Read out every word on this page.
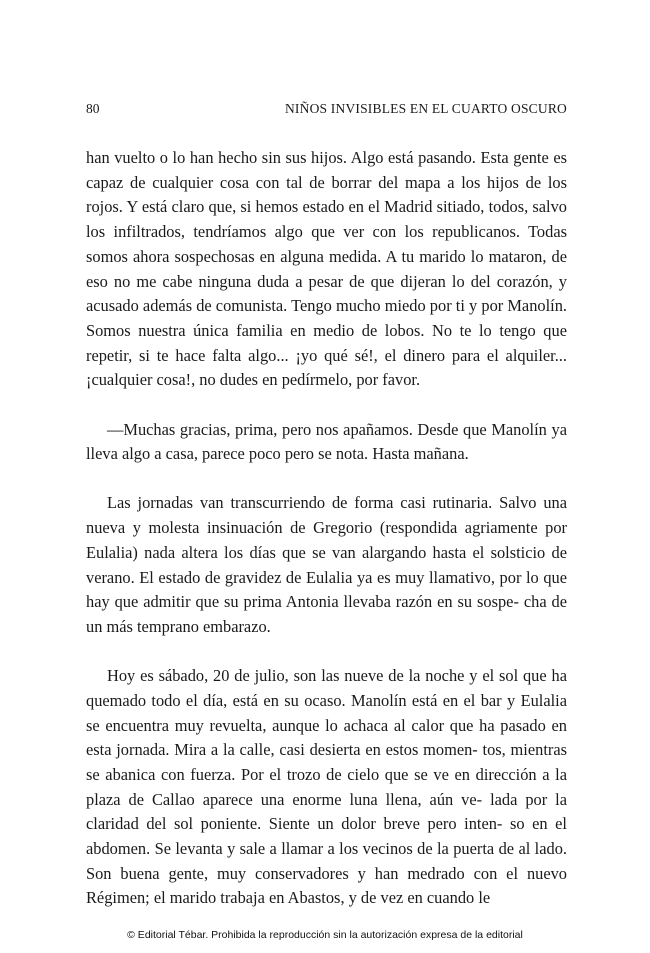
80	NIÑOS INVISIBLES EN EL CUARTO OSCURO

han vuelto o lo han hecho sin sus hijos. Algo está pasando. Esta gente es capaz de cualquier cosa con tal de borrar del mapa a los hijos de los rojos. Y está claro que, si hemos estado en el Madrid sitiado, todos, salvo los infiltrados, tendríamos algo que ver con los republicanos. Todas somos ahora sospechosas en alguna medida. A tu marido lo mataron, de eso no me cabe ninguna duda a pesar de que dijeran lo del corazón, y acusado además de comunista. Tengo mucho miedo por ti y por Manolín. Somos nuestra única familia en medio de lobos. No te lo tengo que repetir, si te hace falta algo... ¡yo qué sé!, el dinero para el alquiler... ¡cualquier cosa!, no dudes en pedírmelo, por favor.

—Muchas gracias, prima, pero nos apañamos. Desde que Manolín ya lleva algo a casa, parece poco pero se nota. Hasta mañana.

Las jornadas van transcurriendo de forma casi rutinaria. Salvo una nueva y molesta insinuación de Gregorio (respondida agriamente por Eulalia) nada altera los días que se van alargando hasta el solsticio de verano. El estado de gravidez de Eulalia ya es muy llamativo, por lo que hay que admitir que su prima Antonia llevaba razón en su sospe- cha de un más temprano embarazo.

Hoy es sábado, 20 de julio, son las nueve de la noche y el sol que ha quemado todo el día, está en su ocaso. Manolín está en el bar y Eulalia se encuentra muy revuelta, aunque lo achaca al calor que ha pasado en esta jornada. Mira a la calle, casi desierta en estos momen- tos, mientras se abanica con fuerza. Por el trozo de cielo que se ve en dirección a la plaza de Callao aparece una enorme luna llena, aún ve- lada por la claridad del sol poniente. Siente un dolor breve pero inten- so en el abdomen. Se levanta y sale a llamar a los vecinos de la puerta de al lado. Son buena gente, muy conservadores y han medrado con el nuevo Régimen; el marido trabaja en Abastos, y de vez en cuando le

© Editorial Tébar. Prohibida la reproducción sin la autorización expresa de la editorial
